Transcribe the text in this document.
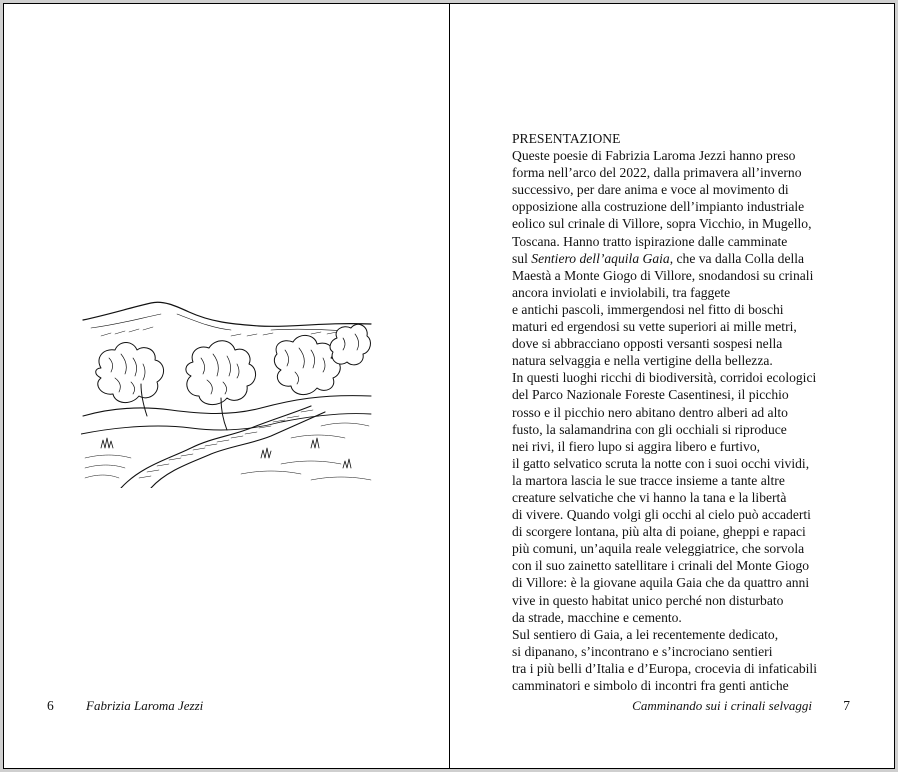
6 Fabrizia Laroma Jezzi
PRESENTAZIONE
Queste poesie di Fabrizia Laroma Jezzi hanno preso
forma nell’arco del 2022, dalla primavera all’inverno
successivo, per dare anima e voce al movimento di
opposizione alla costruzione dell’impianto industriale
eolico sul crinale di Villore, sopra Vicchio, in Mugello,
Toscana. Hanno tratto ispirazione dalle camminate
sul Sentiero dell’aquila Gaia, che va dalla Colla della
Maestà a Monte Giogo di Villore, snodandosi su crinali
ancora inviolati e inviolabili, tra faggete
e antichi pascoli, immergendosi nel fitto di boschi
maturi ed ergendosi su vette superiori ai mille metri,
dove si abbracciano opposti versanti sospesi nella
natura selvaggia e nella vertigine della bellezza.
In questi luoghi ricchi di biodiversità, corridoi ecologici
del Parco Nazionale Foreste Casentinesi, il picchio
rosso e il picchio nero abitano dentro alberi ad alto
fusto, la salamandrina con gli occhiali si riproduce
nei rivi, il fiero lupo si aggira libero e furtivo,
il gatto selvatico scruta la notte con i suoi occhi vividi,
la martora lascia le sue tracce insieme a tante altre
creature selvatiche che vi hanno la tana e la libertà
di vivere. Quando volgi gli occhi al cielo può accaderti
di scorgere lontana, più alta di poiane, gheppi e rapaci
più comuni, un’aquila reale veleggiatrice, che sorvola
con il suo zainetto satellitare i crinali del Monte Giogo
di Villore: è la giovane aquila Gaia che da quattro anni
vive in questo habitat unico perché non disturbato
da strade, macchine e cemento.
Sul sentiero di Gaia, a lei recentemente dedicato,
si dipanano, s’incontrano e s’incrociano sentieri
tra i più belli d’Italia e d’Europa, crocevia di infaticabili
camminatori e simbolo di incontri fra genti antiche
Camminando sui i crinali selvaggi 7
